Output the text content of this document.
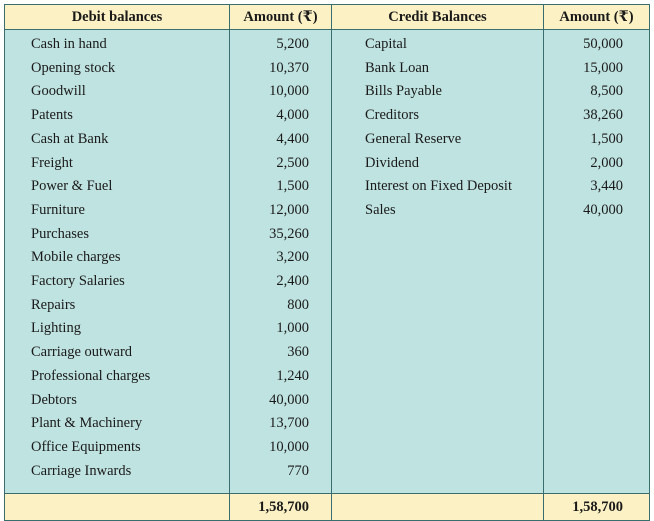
Debit balances	Amount (₹)	Credit Balances	Amount (₹)
Cash in hand	5,200	Capital	50,000
Opening stock	10,370	Bank Loan	15,000
Goodwill	10,000	Bills Payable	8,500
Patents	4,000	Creditors	38,260
Cash at Bank	4,400	General Reserve	1,500
Freight	2,500	Dividend	2,000
Power & Fuel	1,500	Interest on Fixed Deposit	3,440
Furniture	12,000	Sales	40,000
Purchases	35,260		
Mobile charges	3,200		
Factory Salaries	2,400		
Repairs	800		
Lighting	1,000		
Carriage outward	360		
Professional charges	1,240		
Debtors	40,000		
Plant & Machinery	13,700		
Office Equipments	10,000		
Carriage Inwards	770		
	1,58,700		1,58,700
